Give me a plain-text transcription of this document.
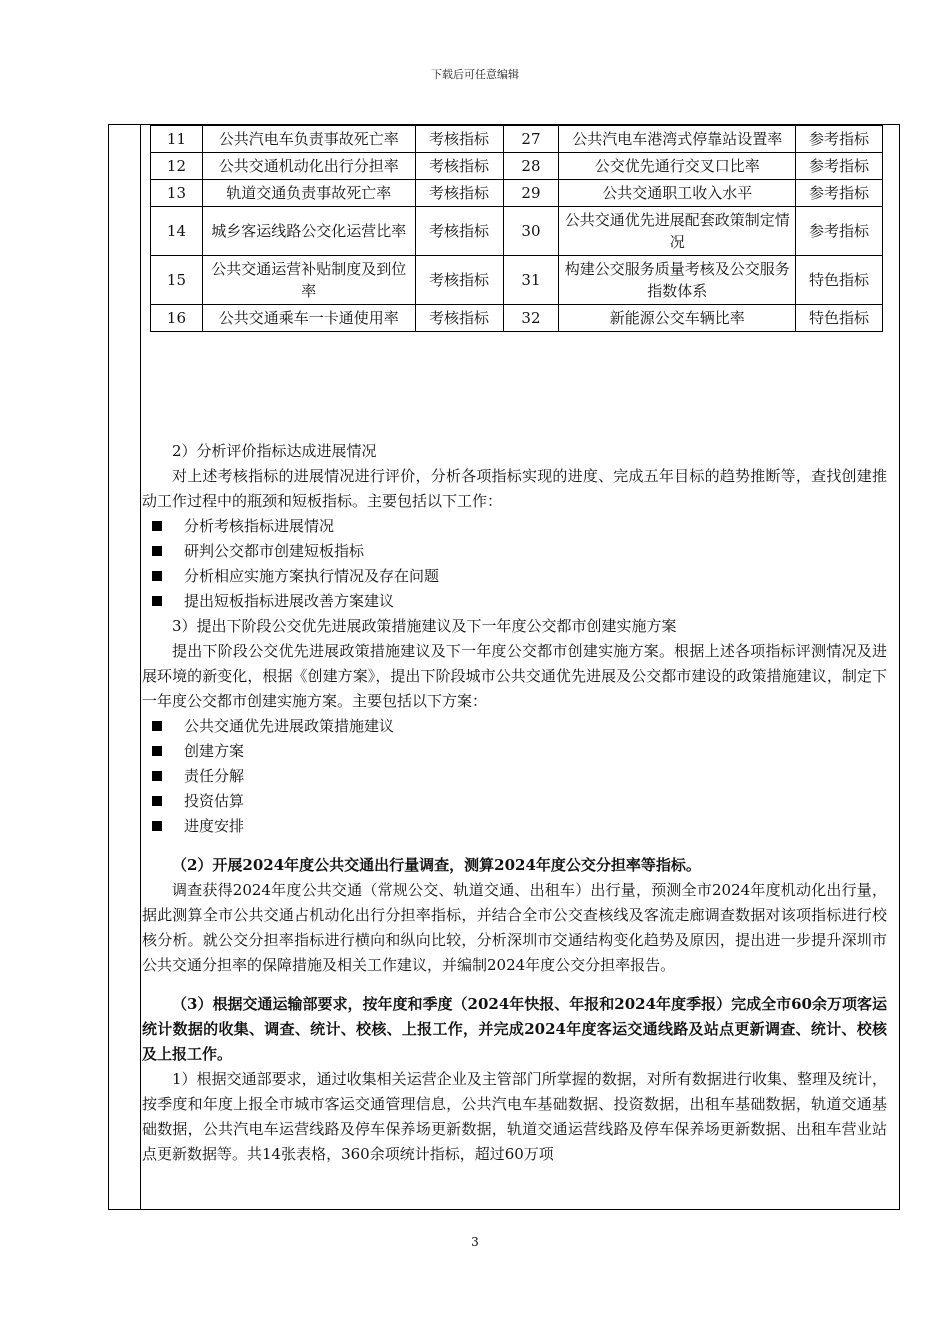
下载后可任意编辑
11	公共汽电车负责事故死亡率	考核指标	27	公共汽电车港湾式停靠站设置率	参考指标
12	公共交通机动化出行分担率	考核指标	28	公交优先通行交叉口比率	参考指标
13	轨道交通负责事故死亡率	考核指标	29	公共交通职工收入水平	参考指标
14	城乡客运线路公交化运营比率	考核指标	30	公共交通优先进展配套政策制定情况	参考指标
15	公共交通运营补贴制度及到位率	考核指标	31	构建公交服务质量考核及公交服务指数体系	特色指标
16	公共交通乘车一卡通使用率	考核指标	32	新能源公交车辆比率	特色指标

2）分析评价指标达成进展情况

对上述考核指标的进展情况进行评价，分析各项指标实现的进度、完成五年目标的趋势推断等，查找创建推动工作过程中的瓶颈和短板指标。主要包括以下工作：

分析考核指标进展情况

研判公交都市创建短板指标

分析相应实施方案执行情况及存在问题

提出短板指标进展改善方案建议

3）提出下阶段公交优先进展政策措施建议及下一年度公交都市创建实施方案

提出下阶段公交优先进展政策措施建议及下一年度公交都市创建实施方案。根据上述各项指标评测情况及进展环境的新变化，根据《创建方案》，提出下阶段城市公共交通优先进展及公交都市建设的政策措施建议，制定下一年度公交都市创建实施方案。主要包括以下方案：

公共交通优先进展政策措施建议

创建方案

责任分解

投资估算

进度安排

（2）开展2024年度公共交通出行量调查，测算2024年度公交分担率等指标。

调查获得2024年度公共交通（常规公交、轨道交通、出租车）出行量，预测全市2024年度机动化出行量，据此测算全市公共交通占机动化出行分担率指标，并结合全市公交查核线及客流走廊调查数据对该项指标进行校核分析。就公交分担率指标进行横向和纵向比较，分析深圳市交通结构变化趋势及原因，提出进一步提升深圳市公共交通分担率的保障措施及相关工作建议，并编制2024年度公交分担率报告。

（3）根据交通运输部要求，按年度和季度（2024年快报、年报和2024年度季报）完成全市60余万项客运统计数据的收集、调查、统计、校核、上报工作，并完成2024年度客运交通线路及站点更新调查、统计、校核及上报工作。

1）根据交通部要求，通过收集相关运营企业及主管部门所掌握的数据，对所有数据进行收集、整理及统计，按季度和年度上报全市城市客运交通管理信息，公共汽电车基础数据、投资数据，出租车基础数据，轨道交通基础数据，公共汽电车运营线路及停车保养场更新数据，轨道交通运营线路及停车保养场更新数据、出租车营业站点更新数据等。共14张表格，360余项统计指标，超过60万项

3
